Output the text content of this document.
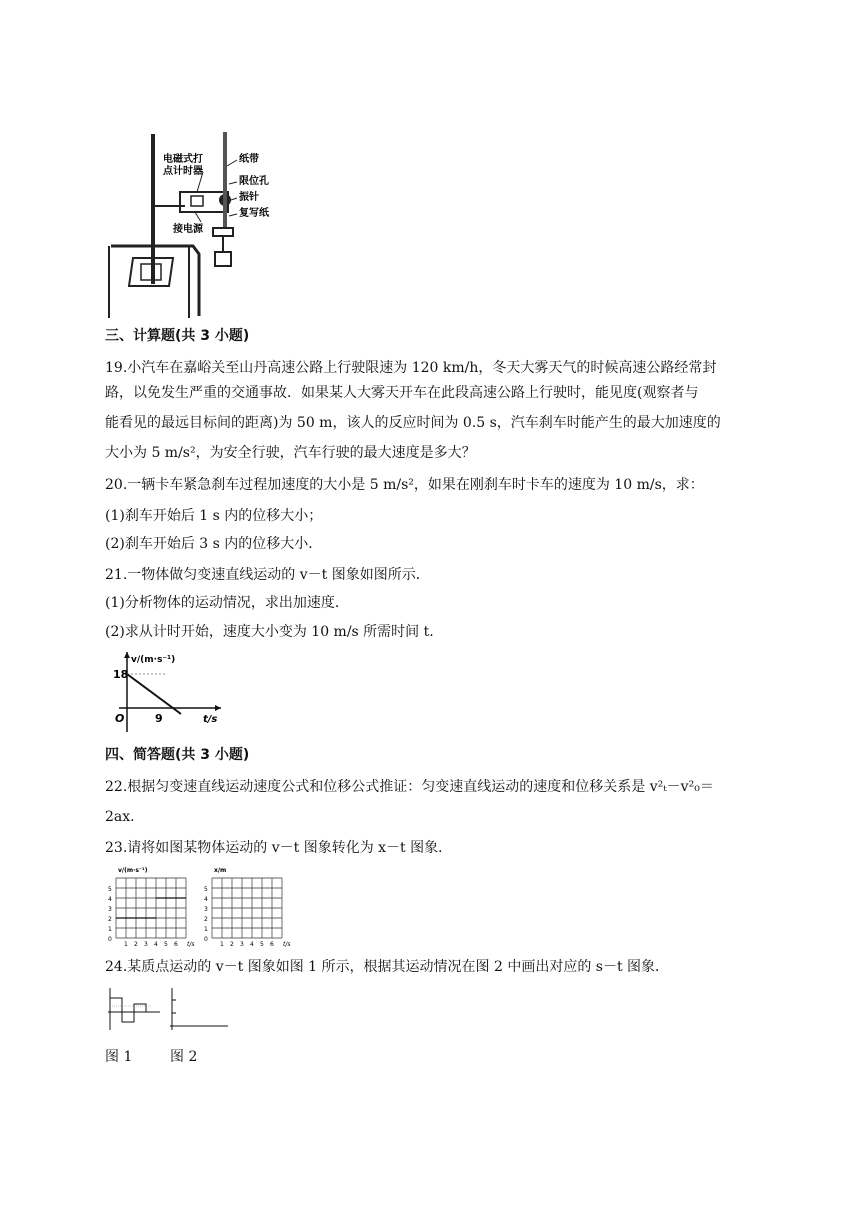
电磁式打
点计时器
纸带
限位孔
振针
复写纸
接电源
三、计算题(共 3 小题)
19.小汽车在嘉峪关至山丹高速公路上行驶限速为 120 km/h，冬天大雾天气的时候高速公路经常封
路，以免发生严重的交通事故．如果某人大雾天开车在此段高速公路上行驶时，能见度(观察者与
能看见的最远目标间的距离)为 50 m，该人的反应时间为 0.5 s，汽车刹车时能产生的最大加速度的
大小为 5 m/s²，为安全行驶，汽车行驶的最大速度是多大？
20.一辆卡车紧急刹车过程加速度的大小是 5 m/s²，如果在刚刹车时卡车的速度为 10 m/s，求：
(1)刹车开始后 1 s 内的位移大小；
(2)刹车开始后 3 s 内的位移大小．
21.一物体做匀变速直线运动的 v－t 图象如图所示．
(1)分析物体的运动情况，求出加速度．
(2)求从计时开始，速度大小变为 10 m/s 所需时间 t.
v/(m·s⁻¹)
18
9
O	t/s
四、简答题(共 3 小题)
22.根据匀变速直线运动速度公式和位移公式推证：匀变速直线运动的速度和位移关系是 v²ₜ－v²₀＝
2ax.
23.请将如图某物体运动的 v－t 图象转化为 x－t 图象．
v/(m·s⁻¹)
5
4
3
2
1
0
1 2 3 4 5 6 t/s
x/m
5
4
3
2
1
0
1 2 3 4 5 6 t/s
24.某质点运动的 v－t 图象如图 1 所示，根据其运动情况在图 2 中画出对应的 s－t 图象．
图 1	图 2
